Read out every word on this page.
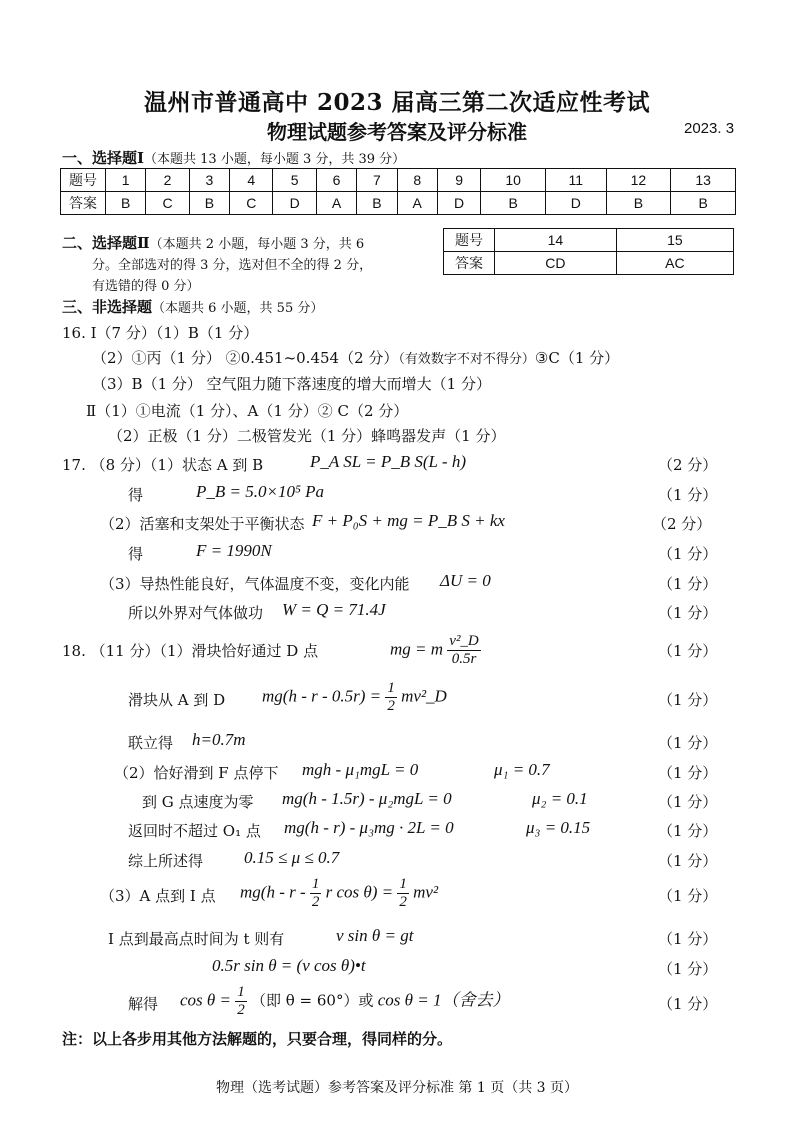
温州市普通高中 2023 届高三第二次适应性考试
物理试题参考答案及评分标准	2023. 3
一、选择题Ⅰ（本题共 13 小题，每小题 3 分，共 39 分）
题号	1	2	3	4	5	6	7	8	9	10	11	12	13
答案	B	C	B	C	D	A	B	A	D	B	D	B	B
二、选择题Ⅱ（本题共 2 小题，每小题 3 分，共 6
分。全部选对的得 3 分，选对但不全的得 2 分，
有选错的得 0 分）
题号	14	15
答案	CD	AC
三、非选择题（本题共 6 小题，共 55 分）
16. Ⅰ（7 分）（1）B（1 分）
（2）①丙（1 分） ②0.451~0.454（2 分）（有效数字不对不得分）③C（1 分）
（3）B（1 分） 空气阻力随下落速度的增大而增大（1 分）
Ⅱ（1）①电流（1 分）、A（1 分）② C（2 分）
（2）正极（1 分）二极管发光（1 分）蜂鸣器发声（1 分）
17. （8 分）（1）状态 A 到 B	P_A SL = P_B S(L - h)	（2 分）
得	P_B = 5.0×10⁵ Pa	（1 分）
（2）活塞和支架处于平衡状态 F + P₀S + mg = P_B S + kx	（2 分）
得	F = 1990N	（1 分）
（3）导热性能良好，气体温度不变，变化内能 ΔU = 0	（1 分）
所以外界对气体做功 W = Q = 71.4J	（1 分）
18. （11 分）（1）滑块恰好通过 D 点	mg = m $\frac{\text{v²\_D}}{0.5r}$	（1 分）
滑块从 A 到 D $mg(h - r - 0.5r) = \frac{1}{2}$ mv²_D	（1 分）
联立得 h=0.7m	（1 分）
（2）恰好滑到 F 点停下 mgh - μ₁mgL = 0	μ₁ = 0.7	（1 分）
到 G 点速度为零 mg(h - 1.5r) - μ₂mgL = 0	μ₂ = 0.1	（1 分）
返回时不超过 O₁ 点 mg(h - r) - μ₃mg · 2L = 0	μ₃ = 0.15	（1 分）
综上所述得 0.15 ≤ μ ≤ 0.7	（1 分）
（3）A 点到 I 点 mg(h - r - $\frac{1}{2}$ r $\cos \theta) = \frac{1}{2} mv^2$	（1 分）
I 点到最高点时间为 t 则有	v sin θ = gt	（1 分）
0.5r sin θ = (v cos θ)•t	（1 分）
解得 $\cos \theta = \frac{1}{2}$ （即 θ = 60°）或 cos θ = 1（舍去）	（1 分）
注：以上各步用其他方法解题的，只要合理，得同样的分。
物理（选考试题）参考答案及评分标准 第 1 页（共 3 页）
